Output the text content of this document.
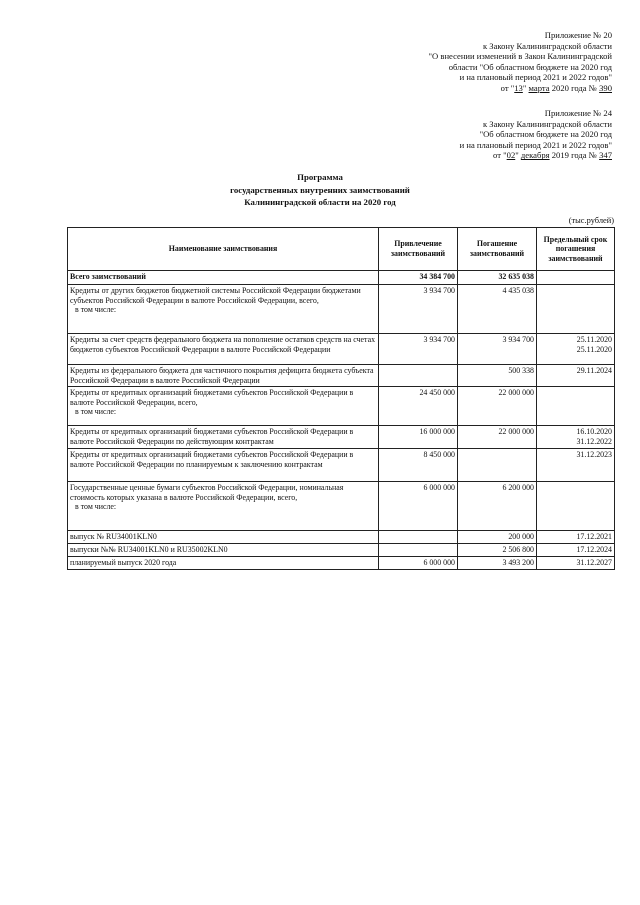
Приложение № 20
к Закону Калининградской области
"О внесении изменений в Закон Калининградской
области "Об областном бюджете на 2020 год
и на плановый период 2021 и 2022 годов"
от "13" марта 2020 года № 390
Приложение № 24
к Закону Калининградской области
"Об областном бюджете на 2020 год
и на плановый период 2021 и 2022 годов"
от "02" декабря 2019 года № 347
Программа
государственных внутренних заимствований
Калининградской области на 2020 год
(тыс.рублей)
Наименование заимствования	Привлечение заимствований	Погашение заимствований	Предельный срок погашения заимствований
Всего заимствований	34 384 700	32 635 038	

Кредиты от других бюджетов бюджетной системы Российской Федерации бюджетами субъектов Российской Федерации в валюте Российской Федерации, всего,
в том числе:	3 934 700	4 435 038	
Кредиты за счет средств федерального бюджета на пополнение остатков средств на счетах бюджетов субъектов Российской Федерации в валюте Российской Федерации	3 934 700	3 934 700	25.11.2020
25.11.2020

Кредиты из федерального бюджета для частичного покрытия дефицита бюджета субъекта Российской Федерации в валюте Российской Федерации		500 338	29.11.2024

Кредиты от кредитных организаций бюджетами субъектов Российской Федерации в валюте Российской Федерации, всего,
в том числе:	24 450 000	22 000 000	
Кредиты от кредитных организаций бюджетами субъектов Российской Федерации в валюте Российской Федерации по действующим контрактам	16 000 000	22 000 000	16.10.2020
31.12.2022

Кредиты от кредитных организаций бюджетами субъектов Российской Федерации в валюте Российской Федерации по планируемым к заключению контрактам	8 450 000		31.12.2023

Государственные ценные бумаги субъектов Российской Федерации, номинальная стоимость которых указана в валюте Российской Федерации, всего,
в том числе:	6 000 000	6 200 000	
выпуск № RU34001KLN0		200 000	17.12.2021
выпуски №№ RU34001KLN0 и RU35002KLN0		2 506 800	17.12.2024
планируемый выпуск 2020 года	6 000 000	3 493 200	31.12.2027
